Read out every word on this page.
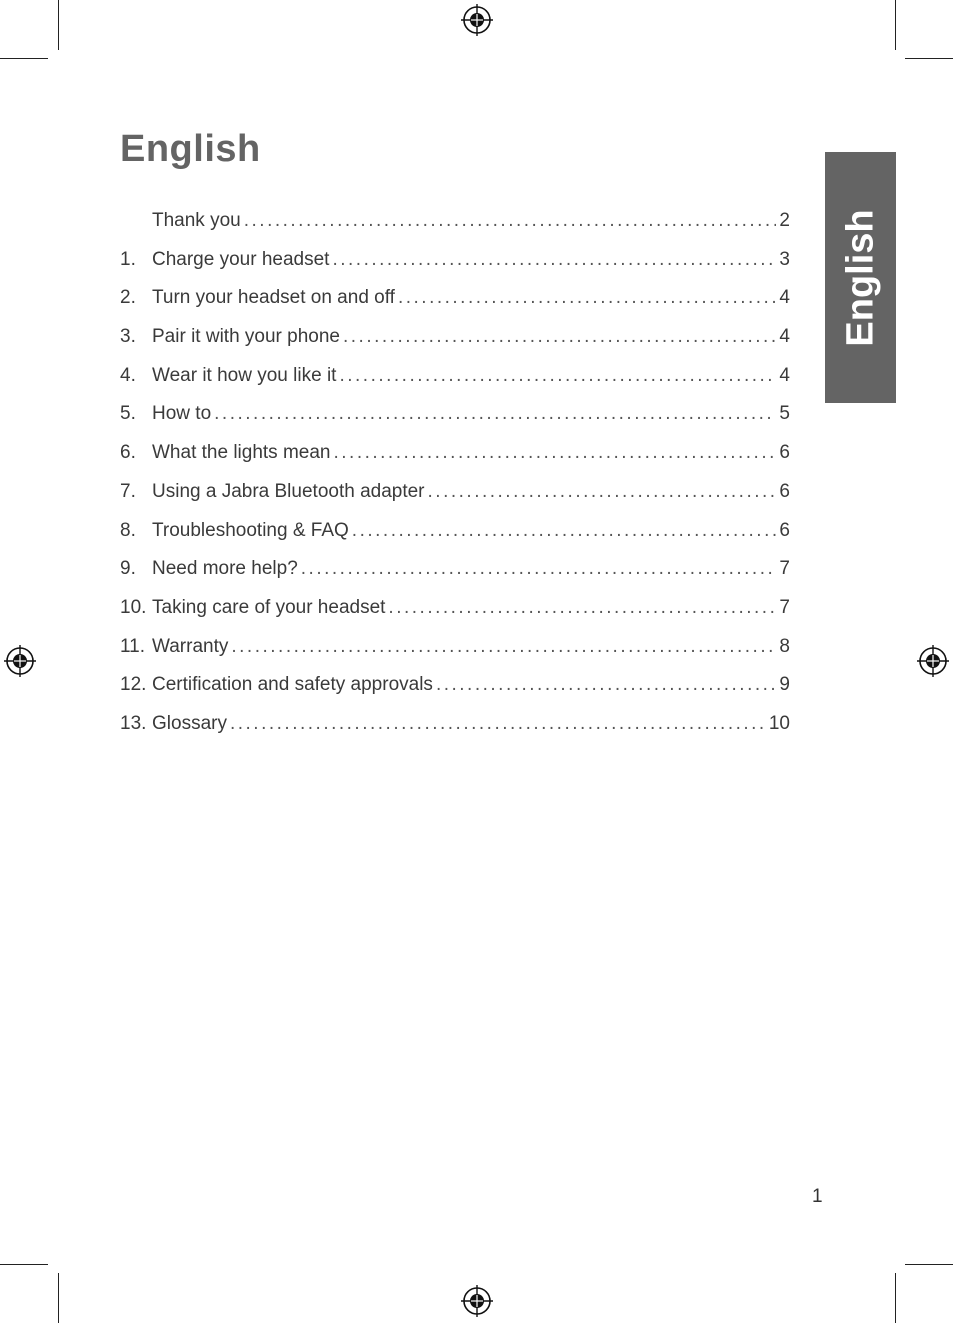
English
English
Thank you .....	2
1. Charge your headset .....	3
2. Turn your headset on and off .....	4
3. Pair it with your phone .....	4
4. Wear it how you like it .....	4
5. How to .....	5
6. What the lights mean .....	6
7. Using a Jabra Bluetooth adapter .....	6
8. Troubleshooting & FAQ .....	6
9. Need more help? .....	7
10. Taking care of your headset .....	7
11. Warranty .....	8
12. Certification and safety approvals .....	9
13. Glossary .....	10
1
